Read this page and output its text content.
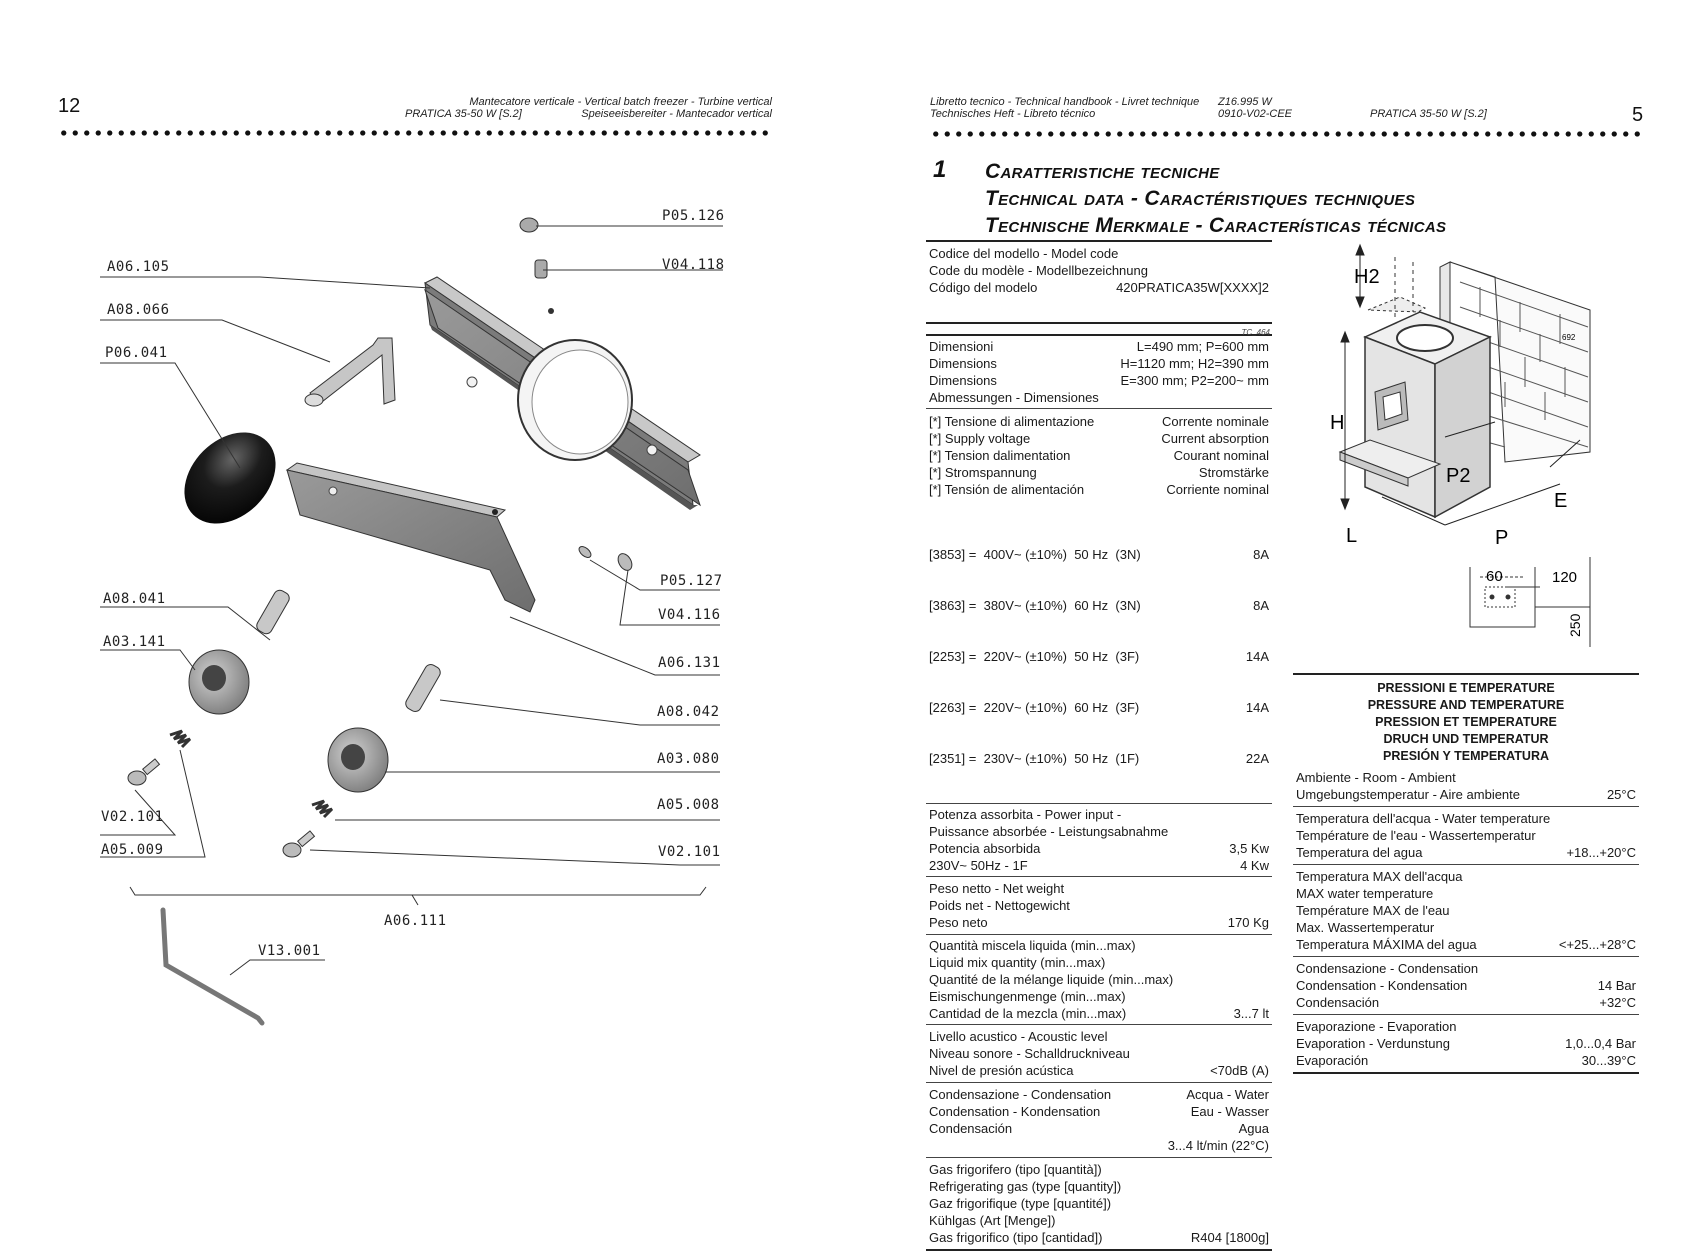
12	Mantecatore verticale - Vertical batch freezer - Turbine vertical
PRATICA 35-50 W [S.2]	Speiseeisbereiter - Mantecador vertical
P05.126
V04.118
A06.105
A08.066
P06.041
P05.127
V04.116
A08.041
A03.141
A06.131
A08.042
A03.080
A05.008
V02.101
A05.009	V02.101
A06.111
V13.001
Libretto tecnico - Technical handbook - Livret technique
Technisches Heft - Libreto técnico
Z16.995 W
0910-V02-CEE	PRATICA 35-50 W [S.2]	5
1 Caratteristiche tecniche
Technical data - Caractéristiques techniques
Technische Merkmale - Características técnicas
Codice del modello - Model code
Code du modèle - Modellbezeichnung
Código del modelo	420PRATICA35W[XXXX]2
TC_464
Dimensioni	L=490 mm; P=600 mm
Dimensions	H=1120 mm; H2=390 mm
Dimensions	E=300 mm; P2=200~ mm
Abmessungen - Dimensiones
[*] Tensione di alimentazione	Corrente nominale
[*] Supply voltage	Current absorption
[*] Tension dalimentation	Courant nominal
[*] Stromspannung	Stromstärke
[*] Tensión de alimentación	Corriente nominal

[3853] =  400V~ (±10%)  50 Hz  (3N)	8A

[3863] =  380V~ (±10%)  60 Hz  (3N)	8A

[2253] =  220V~ (±10%)  50 Hz  (3F)	14A

[2263] =  220V~ (±10%)  60 Hz  (3F)	14A

[2351] =  230V~ (±10%)  50 Hz  (1F)	22A

Potenza assorbita - Power input -
Puissance absorbée - Leistungsabnahme
Potencia absorbida	3,5 Kw
230V~ 50Hz - 1F	4 Kw
Peso netto - Net weight
Poids net - Nettogewicht
Peso neto	170 Kg
Quantità miscela liquida (min...max)
Liquid mix quantity (min...max)
Quantité de la mélange liquide (min...max)
Eismischungenmenge (min...max)
Cantidad de la mezcla (min...max)	3...7 lt
Livello acustico - Acoustic level
Niveau sonore - Schalldruckniveau
Nivel de presión acústica	<70dB (A)
Condensazione - Condensation	Acqua - Water
Condensation - Kondensation	Eau - Wasser
Condensación	Agua
3...4 lt/min (22°C)
Gas frigorifero (tipo [quantità])
Refrigerating gas (type [quantity])
Gaz frigorifique (type [quantité])
Kühlgas (Art [Menge])
Gas frigorifico (tipo [cantidad])	R404 [1800g]
H
H2
P2
E
L	P
692
60	120
250
PRESSIONI E TEMPERATURE
PRESSURE AND TEMPERATURE
PRESSION ET TEMPERATURE
DRUCH UND TEMPERATUR
PRESIÓN Y TEMPERATURA
Ambiente - Room - Ambient
Umgebungstemperatur - Aire ambiente	25°C
Temperatura dell'acqua - Water temperature
Température de l'eau - Wassertemperatur
Temperatura del agua	+18...+20°C
Temperatura MAX dell'acqua
MAX water temperature
Température MAX de l'eau
Max. Wassertemperatur
Temperatura MÁXIMA del agua	<+25...+28°C
Condensazione - Condensation
Condensation - Kondensation	14 Bar
Condensación	+32°C
Evaporazione - Evaporation
Evaporation - Verdunstung	1,0...0,4 Bar
Evaporación	30...39°C
